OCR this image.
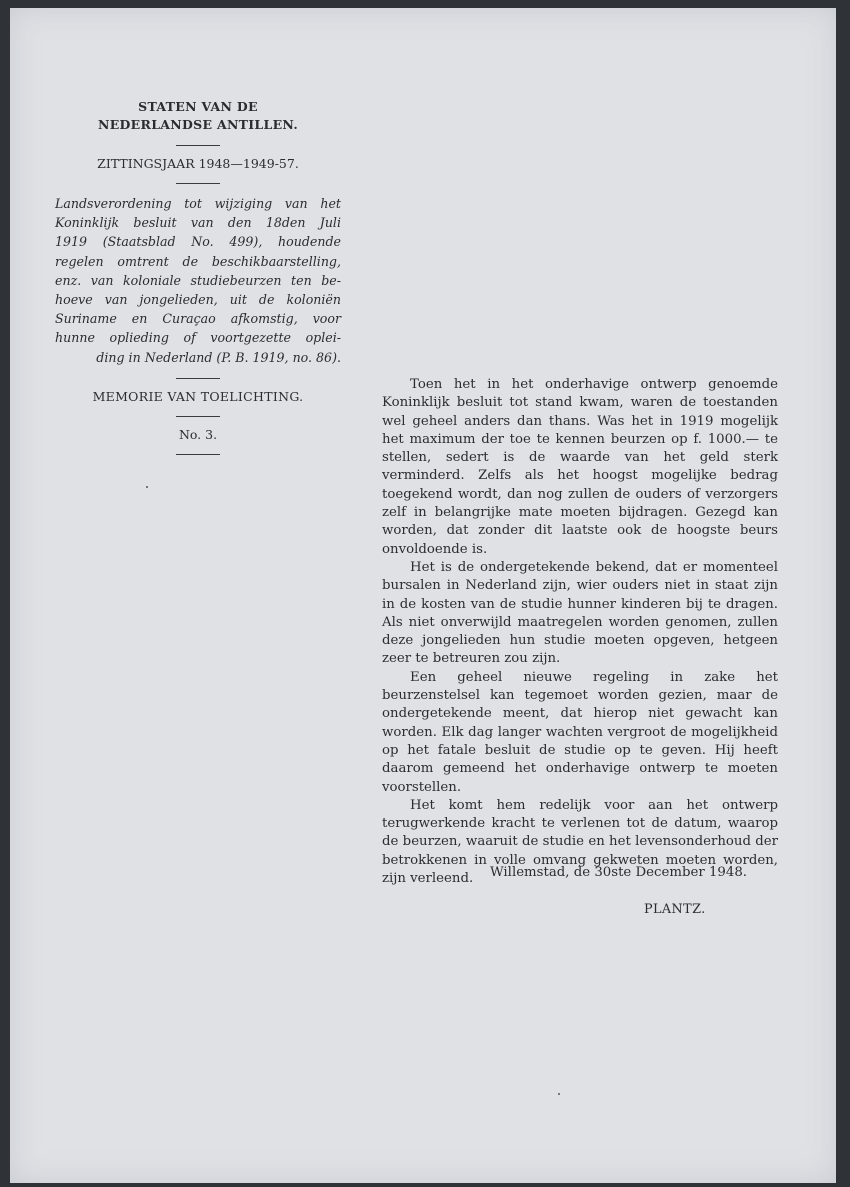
STATEN VAN DE
NEDERLANDSE ANTILLEN.
ZITTINGSJAAR 1948—1949-57.
Landsverordening tot wijziging van het
Koninklijk besluit van den 18den Juli
1919 (Staatsblad No. 499), houdende
regelen omtrent de beschikbaarstelling,
enz. van koloniale studiebeurzen ten be-
hoeve van jongelieden, uit de koloniën
Suriname en Curaçao afkomstig, voor
hunne oplieding of voortgezette oplei-
ding in Nederland (P. B. 1919, no. 86).
MEMORIE VAN TOELICHTING.
No. 3.

Toen het in het onderhavige ontwerp genoemde Koninklijk besluit tot stand kwam, waren de toestanden wel geheel anders dan thans. Was het in 1919 mogelijk het maximum der toe te kennen beurzen op f. 1000.— te stellen, sedert is de waarde van het geld sterk verminderd. Zelfs als het hoogst mogelijke bedrag toegekend wordt, dan nog zullen de ouders of verzorgers zelf in belangrijke mate moeten bijdragen. Gezegd kan worden, dat zonder dit laatste ook de hoogste beurs onvoldoende is.

Het is de ondergetekende bekend, dat er momenteel bursalen in Nederland zijn, wier ouders niet in staat zijn in de kosten van de studie hunner kinderen bij te dragen. Als niet onverwijld maatregelen worden genomen, zullen deze jongelieden hun studie moeten opgeven, hetgeen zeer te betreuren zou zijn.

Een geheel nieuwe regeling in zake het beurzenstelsel kan tegemoet worden gezien, maar de ondergetekende meent, dat hierop niet gewacht kan worden. Elk dag langer wachten vergroot de mogelijkheid op het fatale besluit de studie op te geven. Hij heeft daarom gemeend het onderhavige ontwerp te moeten voorstellen.

Het komt hem redelijk voor aan het ontwerp terugwerkende kracht te verlenen tot de datum, waarop de beurzen, waaruit de studie en het levensonderhoud der betrokkenen in volle omvang gekweten moeten worden, zijn verleend.	Willemstad, de 30ste December 1948.
PLANTZ.
